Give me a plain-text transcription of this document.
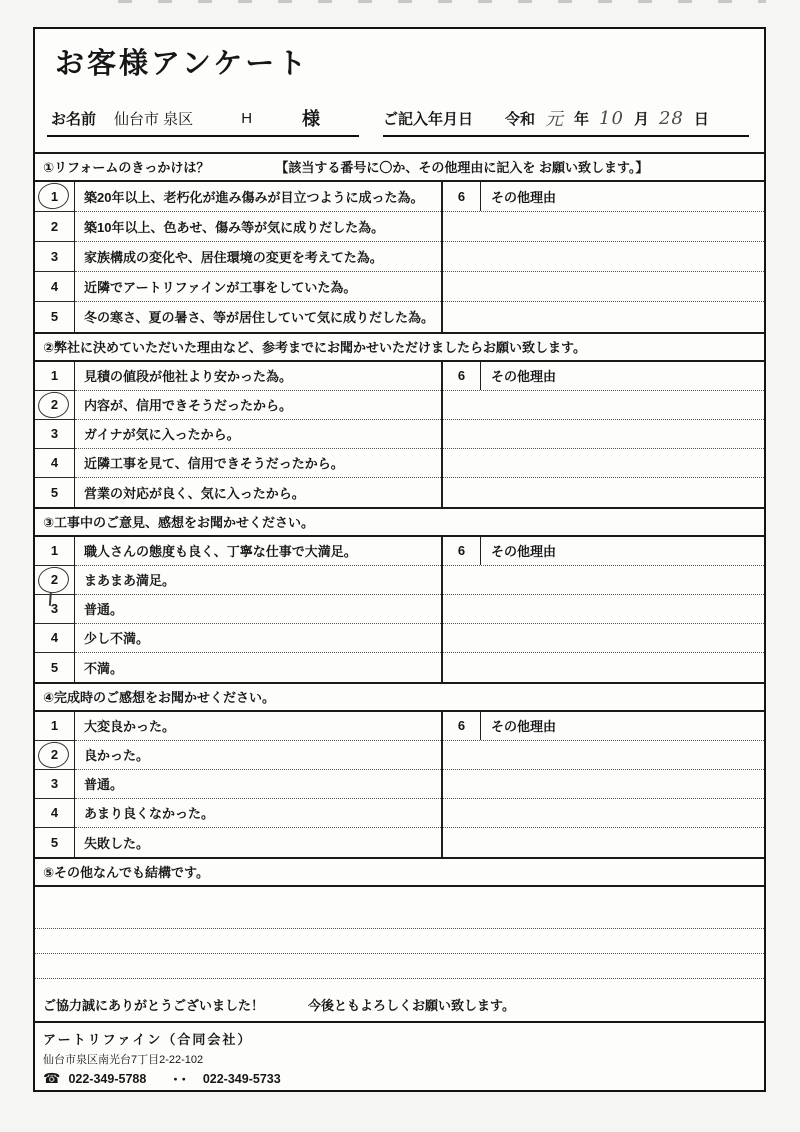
お客様アンケート
お名前 仙台市 泉区	H	様	ご記入年月日 令和 元 年 10 月 28 日
①リフォームのきっかけは？	【該当する番号に〇か、その他理由に記入を お願い致します。】
1	築20年以上、老朽化が進み傷みが目立つように成った為。
2	築10年以上、色あせ、傷み等が気に成りだした為。
3	家族構成の変化や、居住環境の変更を考えてた為。
4	近隣でアートリファインが工事をしていた為。
5	冬の寒さ、夏の暑さ、等が居住していて気に成りだした為。
6	その他理由
②弊社に決めていただいた理由など、参考までにお聞かせいただけましたらお願い致します。
1	見積の値段が他社より安かった為。
2	内容が、信用できそうだったから。
3	ガイナが気に入ったから。
4	近隣工事を見て、信用できそうだったから。
5	営業の対応が良く、気に入ったから。
6	その他理由
③工事中のご意見、感想をお聞かせください。
1	職人さんの態度も良く、丁寧な仕事で大満足。
2	まあまあ満足。
3	普通。
4	少し不満。
5	不満。
6	その他理由
④完成時のご感想をお聞かせください。
1	大変良かった。
2	良かった。
3	普通。
4	あまり良くなかった。
5	失敗した。
6	その他理由
⑤その他なんでも結構です。
ご協力誠にありがとうございました！	今後ともよろしくお願い致します。
アートリファイン（合同会社）
仙台市泉区南光台7丁目2-22-102
☎ 022-349-5788 ･･ 022-349-5733
